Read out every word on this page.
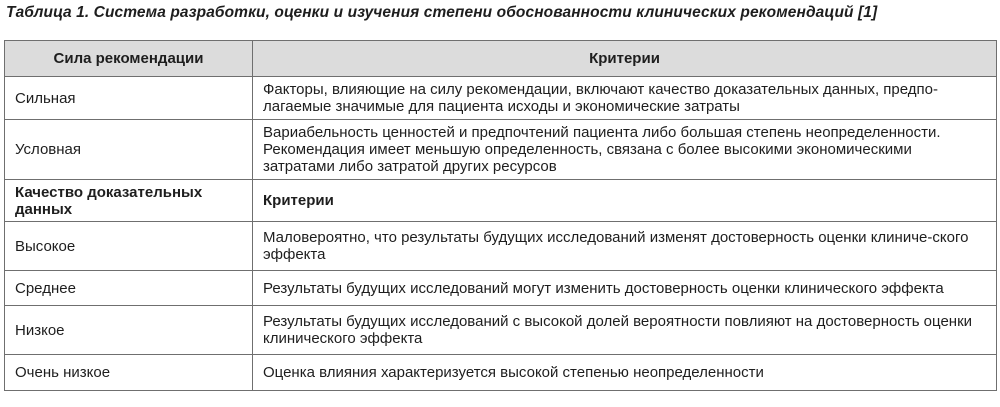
Таблица 1. Система разработки, оценки и изучения степени обоснованности клинических рекомендаций [1]
Сила рекомендации	Критерии
Сильная	Факторы, влияющие на силу рекомендации, включают качество доказательных данных, предпо-лагаемые значимые для пациента исходы и экономические затраты
Условная	Вариабельность ценностей и предпочтений пациента либо большая степень неопределенности. Рекомендация имеет меньшую определенность, связана с более высокими экономическими затратами либо затратой других ресурсов
Качество доказательных данных	Критерии
Высокое	Маловероятно, что результаты будущих исследований изменят достоверность оценки клиниче-ского эффекта
Среднее	Результаты будущих исследований могут изменить достоверность оценки клинического эффекта
Низкое	Результаты будущих исследований с высокой долей вероятности повлияют на достоверность оценки клинического эффекта
Очень низкое	Оценка влияния характеризуется высокой степенью неопределенности
